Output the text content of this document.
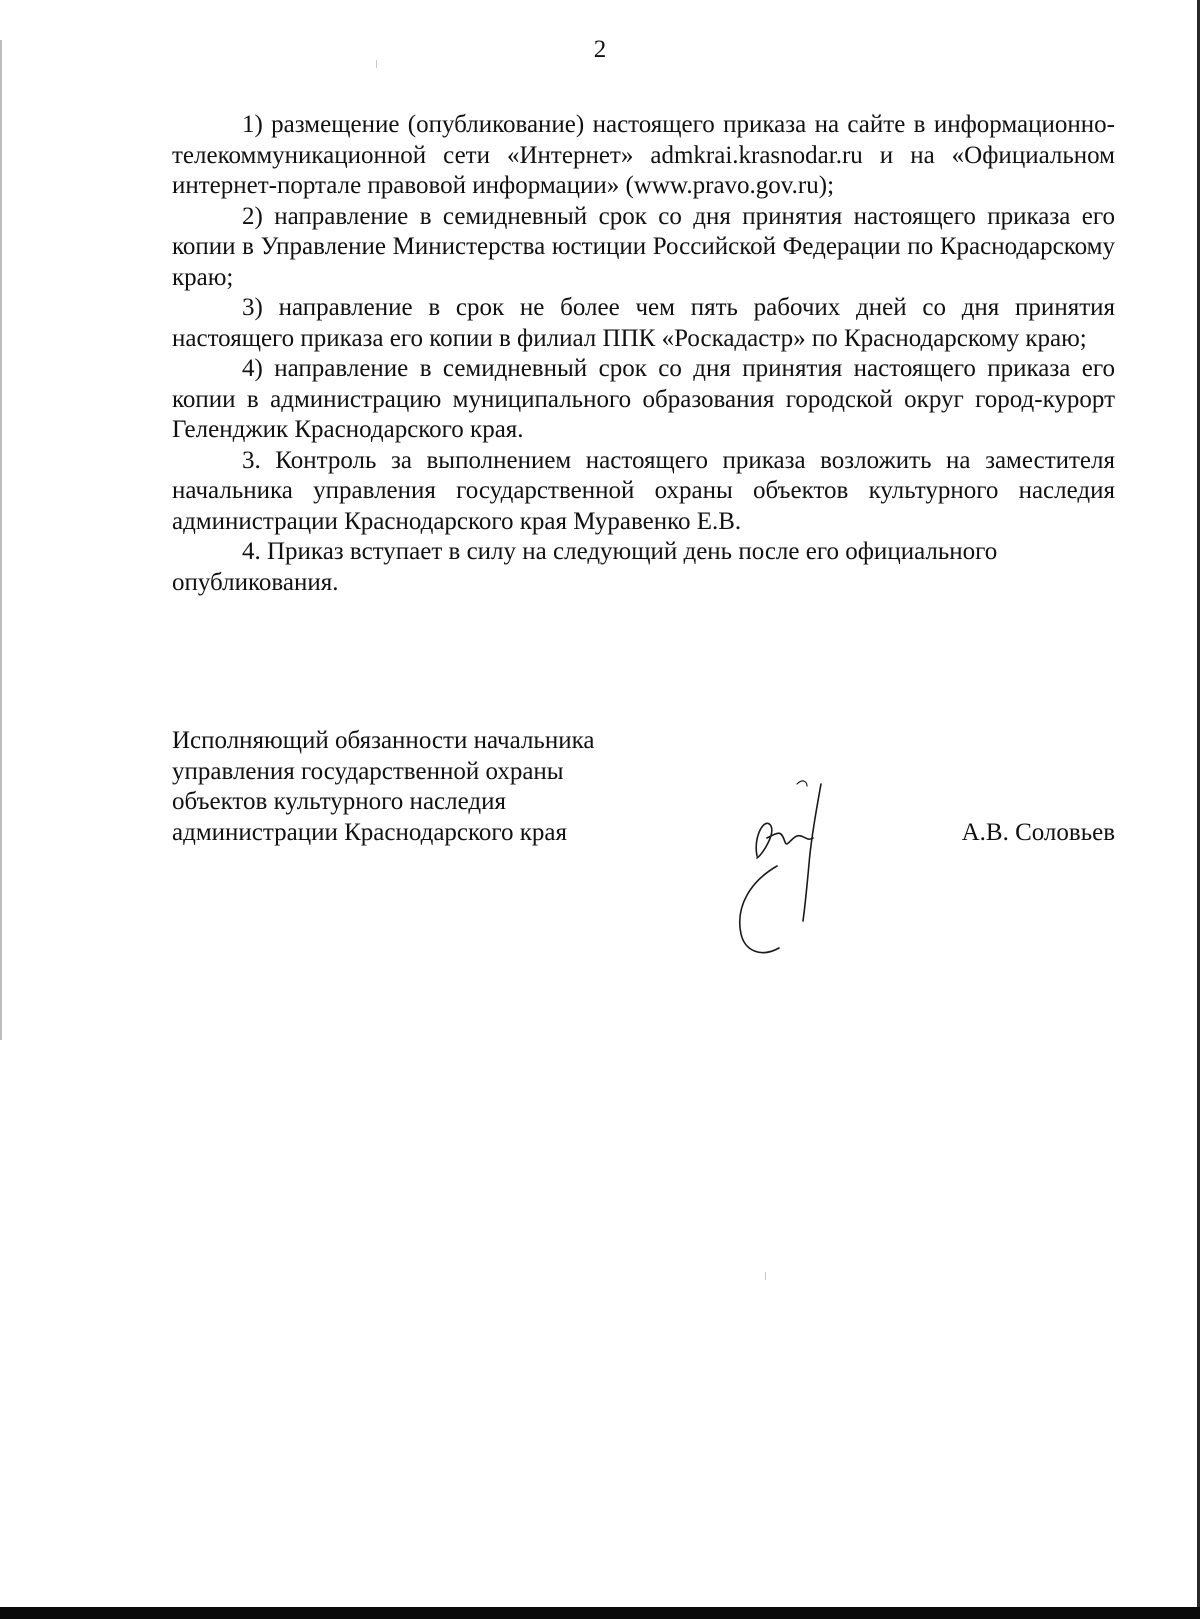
2

1) размещение (опубликование) настоящего приказа на сайте в информационно-телекоммуникационной сети «Интернет» admkrai.krasnodar.ru и на «Официальном интернет-портале правовой информации» (www.pravo.gov.ru);

2) направление в семидневный срок со дня принятия настоящего приказа его копии в Управление Министерства юстиции Российской Федерации по Краснодарскому краю;

3) направление в срок не более чем пять рабочих дней со дня принятия настоящего приказа его копии в филиал ППК «Роскадастр» по Краснодарскому краю;

4) направление в семидневный срок со дня принятия настоящего приказа его копии в администрацию муниципального образования городской округ город-курорт Геленджик Краснодарского края.

3. Контроль за выполнением настоящего приказа возложить на заместителя начальника управления государственной охраны объектов культурного наследия администрации Краснодарского края Муравенко Е.В.

4. Приказ вступает в силу на следующий день после его официального опубликования.

Исполняющий обязанности начальника
управления государственной охраны
объектов культурного наследия
администрации Краснодарского края	А.В. Соловьев
